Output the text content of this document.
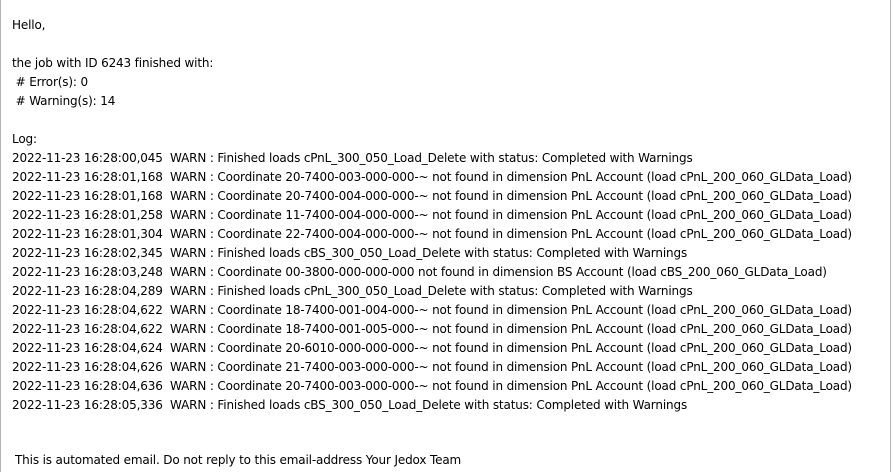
Hello,
the job with ID 6243 finished with:
# Error(s): 0
# Warning(s): 14
Log:
2022-11-23 16:28:00,045  WARN : Finished loads cPnL_300_050_Load_Delete with status: Completed with Warnings
2022-11-23 16:28:01,168  WARN : Coordinate 20-7400-003-000-000-~ not found in dimension PnL Account (load cPnL_200_060_GLData_Load)
2022-11-23 16:28:01,168  WARN : Coordinate 20-7400-004-000-000-~ not found in dimension PnL Account (load cPnL_200_060_GLData_Load)
2022-11-23 16:28:01,258  WARN : Coordinate 11-7400-004-000-000-~ not found in dimension PnL Account (load cPnL_200_060_GLData_Load)
2022-11-23 16:28:01,304  WARN : Coordinate 22-7400-004-000-000-~ not found in dimension PnL Account (load cPnL_200_060_GLData_Load)
2022-11-23 16:28:02,345  WARN : Finished loads cBS_300_050_Load_Delete with status: Completed with Warnings
2022-11-23 16:28:03,248  WARN : Coordinate 00-3800-000-000-000 not found in dimension BS Account (load cBS_200_060_GLData_Load)
2022-11-23 16:28:04,289  WARN : Finished loads cPnL_300_050_Load_Delete with status: Completed with Warnings
2022-11-23 16:28:04,622  WARN : Coordinate 18-7400-001-004-000-~ not found in dimension PnL Account (load cPnL_200_060_GLData_Load)
2022-11-23 16:28:04,622  WARN : Coordinate 18-7400-001-005-000-~ not found in dimension PnL Account (load cPnL_200_060_GLData_Load)
2022-11-23 16:28:04,624  WARN : Coordinate 20-6010-000-000-000-~ not found in dimension PnL Account (load cPnL_200_060_GLData_Load)
2022-11-23 16:28:04,626  WARN : Coordinate 21-7400-003-000-000-~ not found in dimension PnL Account (load cPnL_200_060_GLData_Load)
2022-11-23 16:28:04,636  WARN : Coordinate 20-7400-003-000-000-~ not found in dimension PnL Account (load cPnL_200_060_GLData_Load)
2022-11-23 16:28:05,336  WARN : Finished loads cBS_300_050_Load_Delete with status: Completed with Warnings
This is automated email. Do not reply to this email-address Your Jedox Team
